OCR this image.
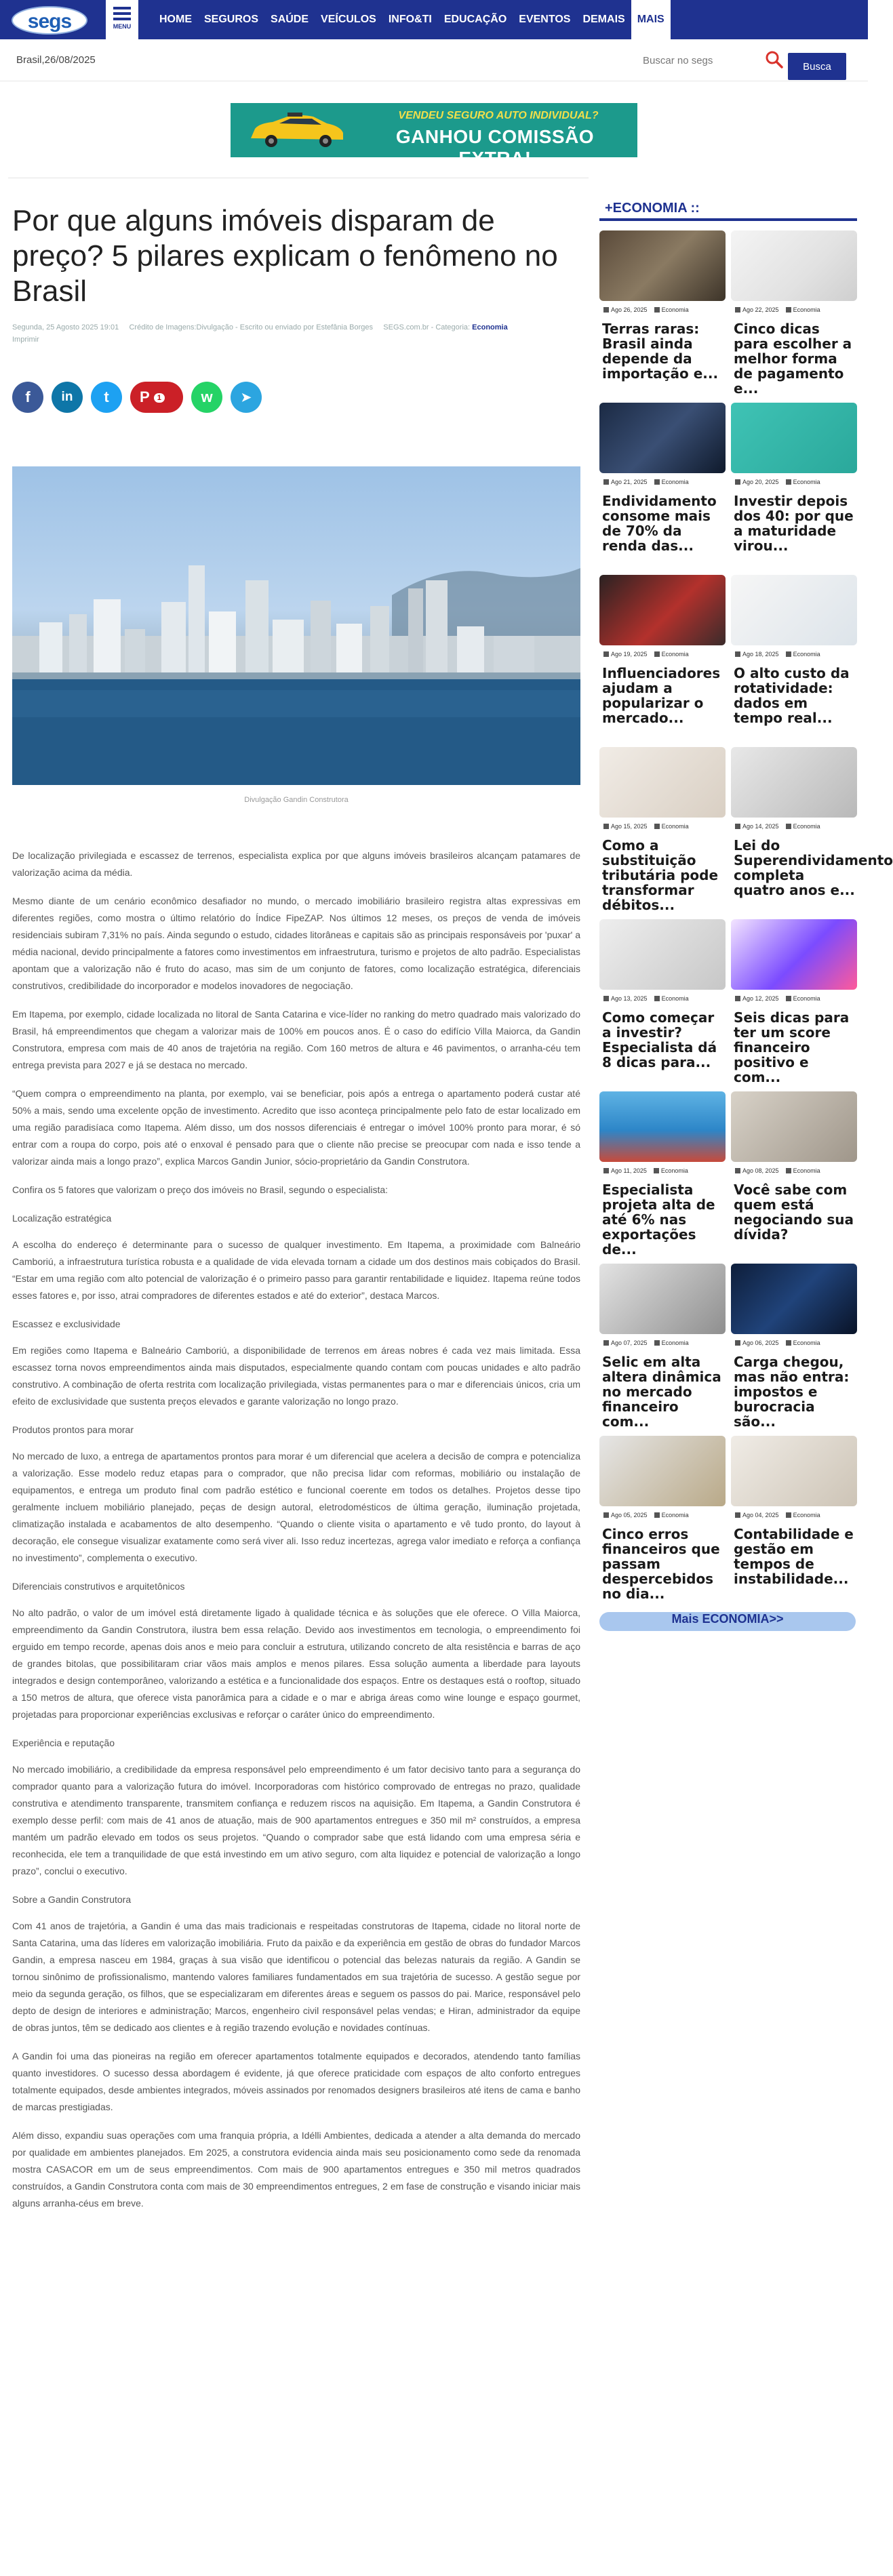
segs	MENU
HOME	SEGUROS	SAÚDE	VEÍCULOS	INFO&TI	EDUCAÇÃO	EVENTOS	DEMAIS	MAIS
Brasil,26/08/2025
Buscar no segs
Busca
VENDEU SEGURO AUTO INDIVIDUAL?
GANHOU COMISSÃO EXTRA!
Por que alguns imóveis disparam de preço? 5 pilares explicam o fenômeno no Brasil
Segunda, 25 Agosto 2025 19:01 Crédito de Imagens:Divulgação - Escrito ou enviado por Estefânia Borges SEGS.com.br - Categoria: Economia
Imprimir
f	in	t	P 1	w	➤
Divulgação Gandin Construtora

De localização privilegiada e escassez de terrenos, especialista explica por que alguns imóveis brasileiros alcançam patamares de valorização acima da média.

Mesmo diante de um cenário econômico desafiador no mundo, o mercado imobiliário brasileiro registra altas expressivas em diferentes regiões, como mostra o último relatório do Índice FipeZAP. Nos últimos 12 meses, os preços de venda de imóveis residenciais subiram 7,31% no país. Ainda segundo o estudo, cidades litorâneas e capitais são as principais responsáveis por 'puxar' a média nacional, devido principalmente a fatores como investimentos em infraestrutura, turismo e projetos de alto padrão. Especialistas apontam que a valorização não é fruto do acaso, mas sim de um conjunto de fatores, como localização estratégica, diferenciais construtivos, credibilidade do incorporador e modelos inovadores de negociação.

Em Itapema, por exemplo, cidade localizada no litoral de Santa Catarina e vice-líder no ranking do metro quadrado mais valorizado do Brasil, há empreendimentos que chegam a valorizar mais de 100% em poucos anos. É o caso do edifício Villa Maiorca, da Gandin Construtora, empresa com mais de 40 anos de trajetória na região. Com 160 metros de altura e 46 pavimentos, o arranha-céu tem entrega prevista para 2027 e já se destaca no mercado.

“Quem compra o empreendimento na planta, por exemplo, vai se beneficiar, pois após a entrega o apartamento poderá custar até 50% a mais, sendo uma excelente opção de investimento. Acredito que isso aconteça principalmente pelo fato de estar localizado em uma região paradisíaca como Itapema. Além disso, um dos nossos diferenciais é entregar o imóvel 100% pronto para morar, é só entrar com a roupa do corpo, pois até o enxoval é pensado para que o cliente não precise se preocupar com nada e isso tende a valorizar ainda mais a longo prazo”, explica Marcos Gandin Junior, sócio-proprietário da Gandin Construtora.

Confira os 5 fatores que valorizam o preço dos imóveis no Brasil, segundo o especialista:

Localização estratégica

A escolha do endereço é determinante para o sucesso de qualquer investimento. Em Itapema, a proximidade com Balneário Camboriú, a infraestrutura turística robusta e a qualidade de vida elevada tornam a cidade um dos destinos mais cobiçados do Brasil. “Estar em uma região com alto potencial de valorização é o primeiro passo para garantir rentabilidade e liquidez. Itapema reúne todos esses fatores e, por isso, atrai compradores de diferentes estados e até do exterior”, destaca Marcos.

Escassez e exclusividade

Em regiões como Itapema e Balneário Camboriú, a disponibilidade de terrenos em áreas nobres é cada vez mais limitada. Essa escassez torna novos empreendimentos ainda mais disputados, especialmente quando contam com poucas unidades e alto padrão construtivo. A combinação de oferta restrita com localização privilegiada, vistas permanentes para o mar e diferenciais únicos, cria um efeito de exclusividade que sustenta preços elevados e garante valorização no longo prazo.

Produtos prontos para morar

No mercado de luxo, a entrega de apartamentos prontos para morar é um diferencial que acelera a decisão de compra e potencializa a valorização. Esse modelo reduz etapas para o comprador, que não precisa lidar com reformas, mobiliário ou instalação de equipamentos, e entrega um produto final com padrão estético e funcional coerente em todos os detalhes. Projetos desse tipo geralmente incluem mobiliário planejado, peças de design autoral, eletrodomésticos de última geração, iluminação projetada, climatização instalada e acabamentos de alto desempenho. “Quando o cliente visita o apartamento e vê tudo pronto, do layout à decoração, ele consegue visualizar exatamente como será viver ali. Isso reduz incertezas, agrega valor imediato e reforça a confiança no investimento”, complementa o executivo.

Diferenciais construtivos e arquitetônicos

No alto padrão, o valor de um imóvel está diretamente ligado à qualidade técnica e às soluções que ele oferece. O Villa Maiorca, empreendimento da Gandin Construtora, ilustra bem essa relação. Devido aos investimentos em tecnologia, o empreendimento foi erguido em tempo recorde, apenas dois anos e meio para concluir a estrutura, utilizando concreto de alta resistência e barras de aço de grandes bitolas, que possibilitaram criar vãos mais amplos e menos pilares. Essa solução aumenta a liberdade para layouts integrados e design contemporâneo, valorizando a estética e a funcionalidade dos espaços. Entre os destaques está o rooftop, situado a 150 metros de altura, que oferece vista panorâmica para a cidade e o mar e abriga áreas como wine lounge e espaço gourmet, projetadas para proporcionar experiências exclusivas e reforçar o caráter único do empreendimento.

Experiência e reputação

No mercado imobiliário, a credibilidade da empresa responsável pelo empreendimento é um fator decisivo tanto para a segurança do comprador quanto para a valorização futura do imóvel. Incorporadoras com histórico comprovado de entregas no prazo, qualidade construtiva e atendimento transparente, transmitem confiança e reduzem riscos na aquisição. Em Itapema, a Gandin Construtora é exemplo desse perfil: com mais de 41 anos de atuação, mais de 900 apartamentos entregues e 350 mil m² construídos, a empresa mantém um padrão elevado em todos os seus projetos. “Quando o comprador sabe que está lidando com uma empresa séria e reconhecida, ele tem a tranquilidade de que está investindo em um ativo seguro, com alta liquidez e potencial de valorização a longo prazo”, conclui o executivo.

Sobre a Gandin Construtora

Com 41 anos de trajetória, a Gandin é uma das mais tradicionais e respeitadas construtoras de Itapema, cidade no litoral norte de Santa Catarina, uma das líderes em valorização imobiliária. Fruto da paixão e da experiência em gestão de obras do fundador Marcos Gandin, a empresa nasceu em 1984, graças à sua visão que identificou o potencial das belezas naturais da região. A Gandin se tornou sinônimo de profissionalismo, mantendo valores familiares fundamentados em sua trajetória de sucesso. A gestão segue por meio da segunda geração, os filhos, que se especializaram em diferentes áreas e seguem os passos do pai. Marice, responsável pelo depto de design de interiores e administração; Marcos, engenheiro civil responsável pelas vendas; e Hiran, administrador da equipe de obras juntos, têm se dedicado aos clientes e à região trazendo evolução e novidades contínuas.

A Gandin foi uma das pioneiras na região em oferecer apartamentos totalmente equipados e decorados, atendendo tanto famílias quanto investidores. O sucesso dessa abordagem é evidente, já que oferece praticidade com espaços de alto conforto entregues totalmente equipados, desde ambientes integrados, móveis assinados por renomados designers brasileiros até itens de cama e banho de marcas prestigiadas.

Além disso, expandiu suas operações com uma franquia própria, a Idélli Ambientes, dedicada a atender a alta demanda do mercado por qualidade em ambientes planejados. Em 2025, a construtora evidencia ainda mais seu posicionamento como sede da renomada mostra CASACOR em um de seus empreendimentos. Com mais de 900 apartamentos entregues e 350 mil metros quadrados construídos, a Gandin Construtora conta com mais de 30 empreendimentos entregues, 2 em fase de construção e visando iniciar mais alguns arranha-céus em breve.

+ECONOMIA ::
Ago 26, 2025	Economia
Terras raras: Brasil ainda depende da importação e...
Ago 22, 2025	Economia
Cinco dicas para escolher a melhor forma de pagamento e...
Ago 21, 2025	Economia
Endividamento consome mais de 70% da renda das...
Ago 20, 2025	Economia
Investir depois dos 40: por que a maturidade virou...
Ago 19, 2025	Economia
Influenciadores ajudam a popularizar o mercado...
Ago 18, 2025	Economia
O alto custo da rotatividade: dados em tempo real...
Ago 15, 2025	Economia
Como a substituição tributária pode transformar débitos...
Ago 14, 2025	Economia
Lei do Superendividamento completa quatro anos e...
Ago 13, 2025	Economia
Como começar a investir? Especialista dá 8 dicas para...
Ago 12, 2025	Economia
Seis dicas para ter um score financeiro positivo e com...
Ago 11, 2025	Economia
Especialista projeta alta de até 6% nas exportações de...
Ago 08, 2025	Economia
Você sabe com quem está negociando sua dívida?
Ago 07, 2025	Economia
Selic em alta altera dinâmica no mercado financeiro com...
Ago 06, 2025	Economia
Carga chegou, mas não entra: impostos e burocracia são...
Ago 05, 2025	Economia
Cinco erros financeiros que passam despercebidos no dia...
Ago 04, 2025	Economia
Contabilidade e gestão em tempos de instabilidade...
Mais ECONOMIA>>
